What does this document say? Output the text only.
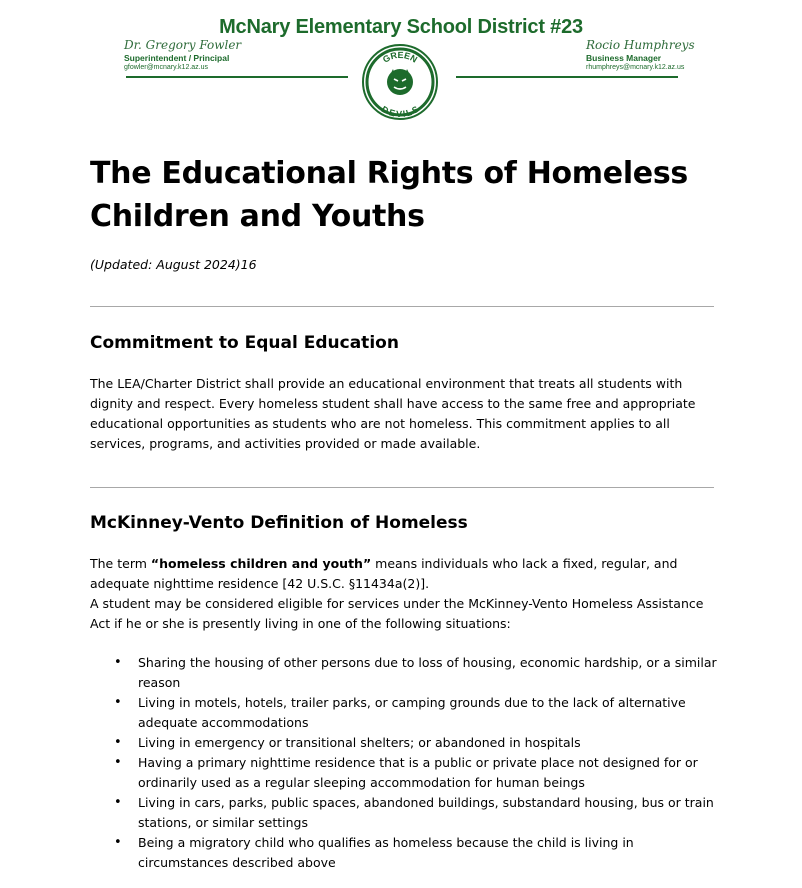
McNary Elementary School District #23
Dr. Gregory Fowler
Superintendent / Principal
gfowler@mcnary.k12.az.us
Rocio Humphreys
Business Manager
rhumphreys@mcnary.k12.az.us
GREEN
DEVILS
The Educational Rights of Homeless Children and Youths
(Updated: August 2024)16
Commitment to Equal Education

The LEA/Charter District shall provide an educational environment that treats all students with dignity and respect. Every homeless student shall have access to the same free and appropriate educational opportunities as students who are not homeless. This commitment applies to all services, programs, and activities provided or made available.

McKinney-Vento Definition of Homeless

The term “homeless children and youth” means individuals who lack a fixed, regular, and adequate nighttime residence [42 U.S.C. §11434a(2)].
A student may be considered eligible for services under the McKinney-Vento Homeless Assistance Act if he or she is presently living in one of the following situations:

• Sharing the housing of other persons due to loss of housing, economic hardship, or a similar reason
• Living in motels, hotels, trailer parks, or camping grounds due to the lack of alternative adequate accommodations
• Living in emergency or transitional shelters; or abandoned in hospitals
• Having a primary nighttime residence that is a public or private place not designed for or ordinarily used as a regular sleeping accommodation for human beings
• Living in cars, parks, public spaces, abandoned buildings, substandard housing, bus or train stations, or similar settings
• Being a migratory child who qualifies as homeless because the child is living in circumstances described above
